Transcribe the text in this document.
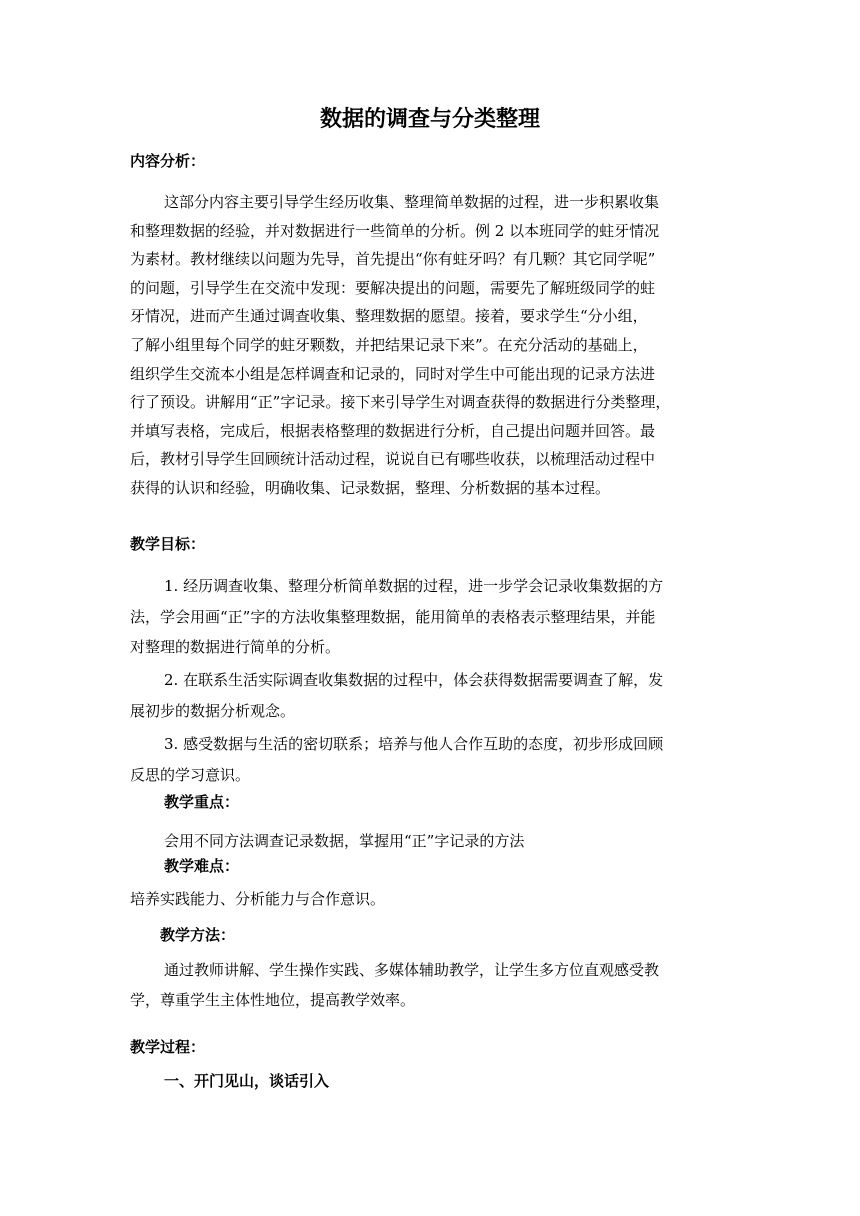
数据的调查与分类整理
内容分析：
这部分内容主要引导学生经历收集、整理简单数据的过程，进一步积累收集
和整理数据的经验，并对数据进行一些简单的分析。例 2 以本班同学的蛀牙情况
为素材。教材继续以问题为先导，首先提出“你有蛀牙吗？有几颗？其它同学呢”
的问题，引导学生在交流中发现：要解决提出的问题，需要先了解班级同学的蛀
牙情况，进而产生通过调查收集、整理数据的愿望。接着，要求学生“分小组，
了解小组里每个同学的蛀牙颗数，并把结果记录下来”。在充分活动的基础上，
组织学生交流本小组是怎样调查和记录的，同时对学生中可能出现的记录方法进
行了预设。讲解用“正”字记录。接下来引导学生对调查获得的数据进行分类整理，
并填写表格，完成后，根据表格整理的数据进行分析，自己提出问题并回答。最
后，教材引导学生回顾统计活动过程，说说自已有哪些收获，以梳理活动过程中
获得的认识和经验，明确收集、记录数据，整理、分析数据的基本过程。
教学目标：
1. 经历调查收集、整理分析简单数据的过程，进一步学会记录收集数据的方
法，学会用画“正”字的方法收集整理数据，能用简单的表格表示整理结果，并能
对整理的数据进行简单的分析。
2. 在联系生活实际调查收集数据的过程中，体会获得数据需要调查了解，发
展初步的数据分析观念。
3. 感受数据与生活的密切联系；培养与他人合作互助的态度，初步形成回顾
反思的学习意识。
教学重点：
会用不同方法调查记录数据，掌握用“正”字记录的方法
教学难点：
培养实践能力、分析能力与合作意识。
教学方法：
通过教师讲解、学生操作实践、多媒体辅助教学，让学生多方位直观感受教
学，尊重学生主体性地位，提高教学效率。
教学过程：
一、开门见山，谈话引入
